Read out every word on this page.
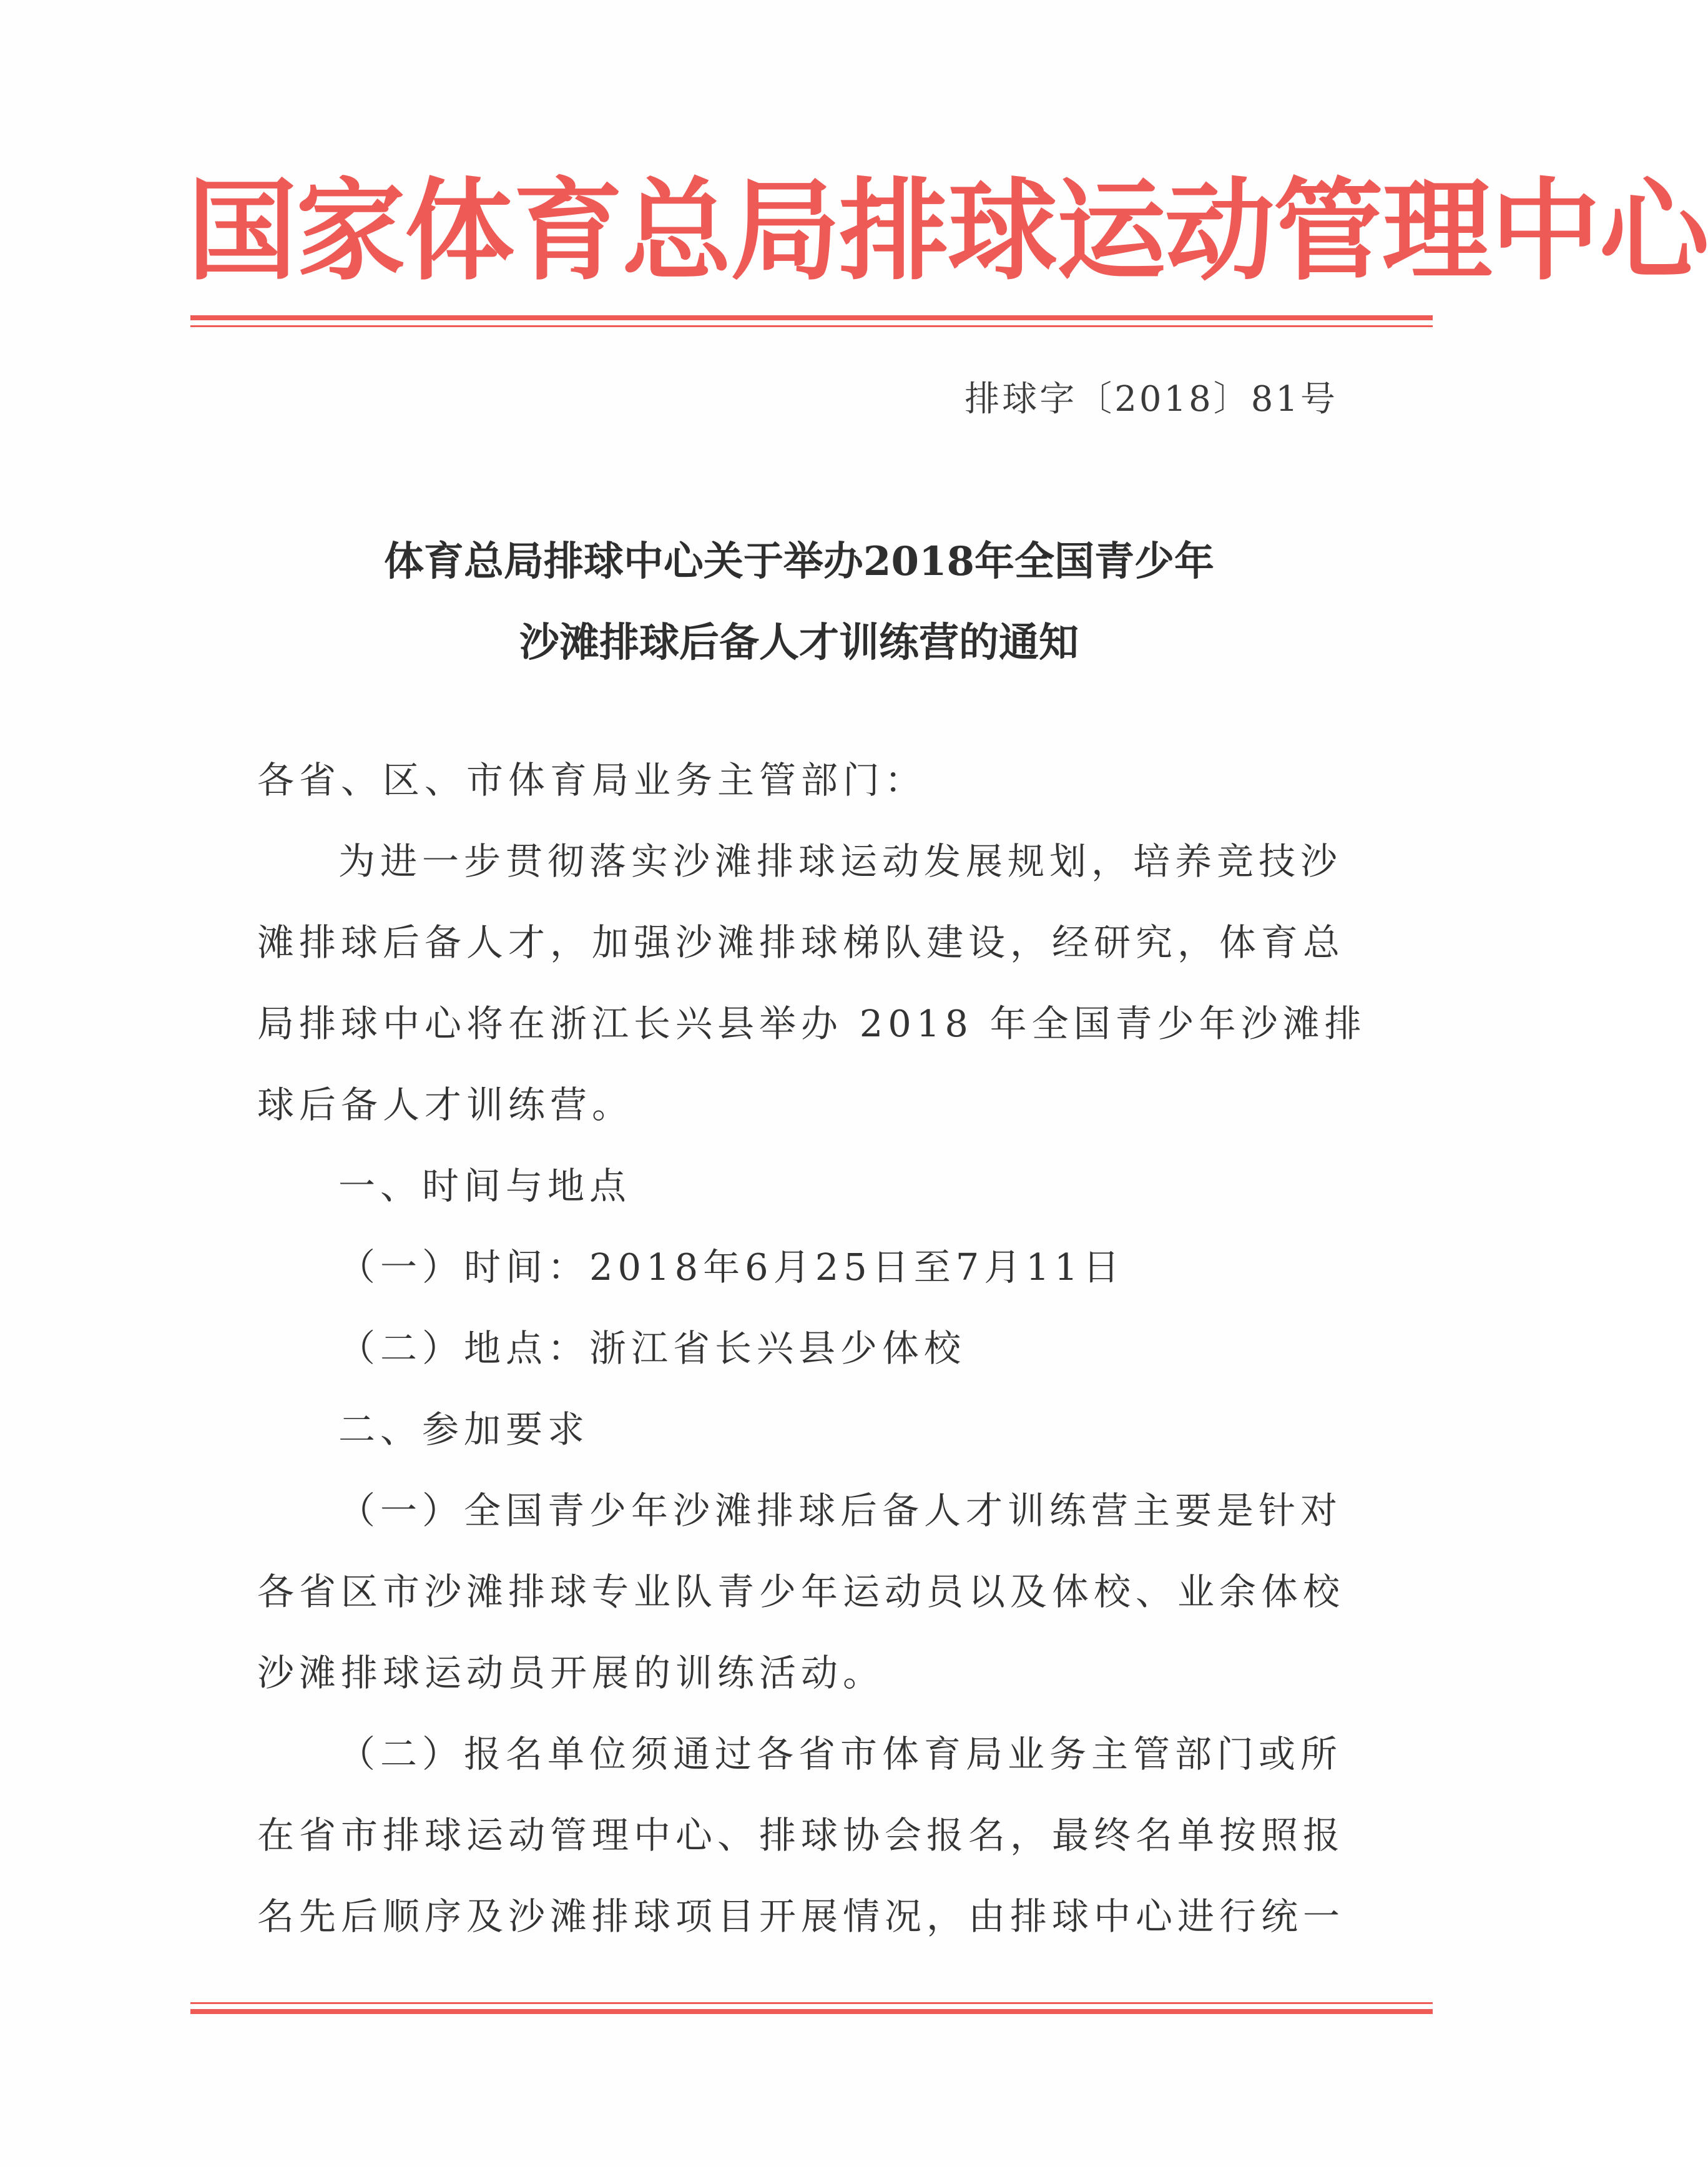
国家体育总局排球运动管理中心
排球字〔2018〕81号
体育总局排球中心关于举办2018年全国青少年
沙滩排球后备人才训练营的通知
各省、区、市体育局业务主管部门：
为进一步贯彻落实沙滩排球运动发展规划，培养竞技沙
滩排球后备人才，加强沙滩排球梯队建设，经研究，体育总
局排球中心将在浙江长兴县举办 2018 年全国青少年沙滩排
球后备人才训练营。
一、时间与地点
（一）时间：2018年6月25日至7月11日
（二）地点：浙江省长兴县少体校
二、参加要求
（一）全国青少年沙滩排球后备人才训练营主要是针对
各省区市沙滩排球专业队青少年运动员以及体校、业余体校
沙滩排球运动员开展的训练活动。
（二）报名单位须通过各省市体育局业务主管部门或所
在省市排球运动管理中心、排球协会报名，最终名单按照报
名先后顺序及沙滩排球项目开展情况，由排球中心进行统一
